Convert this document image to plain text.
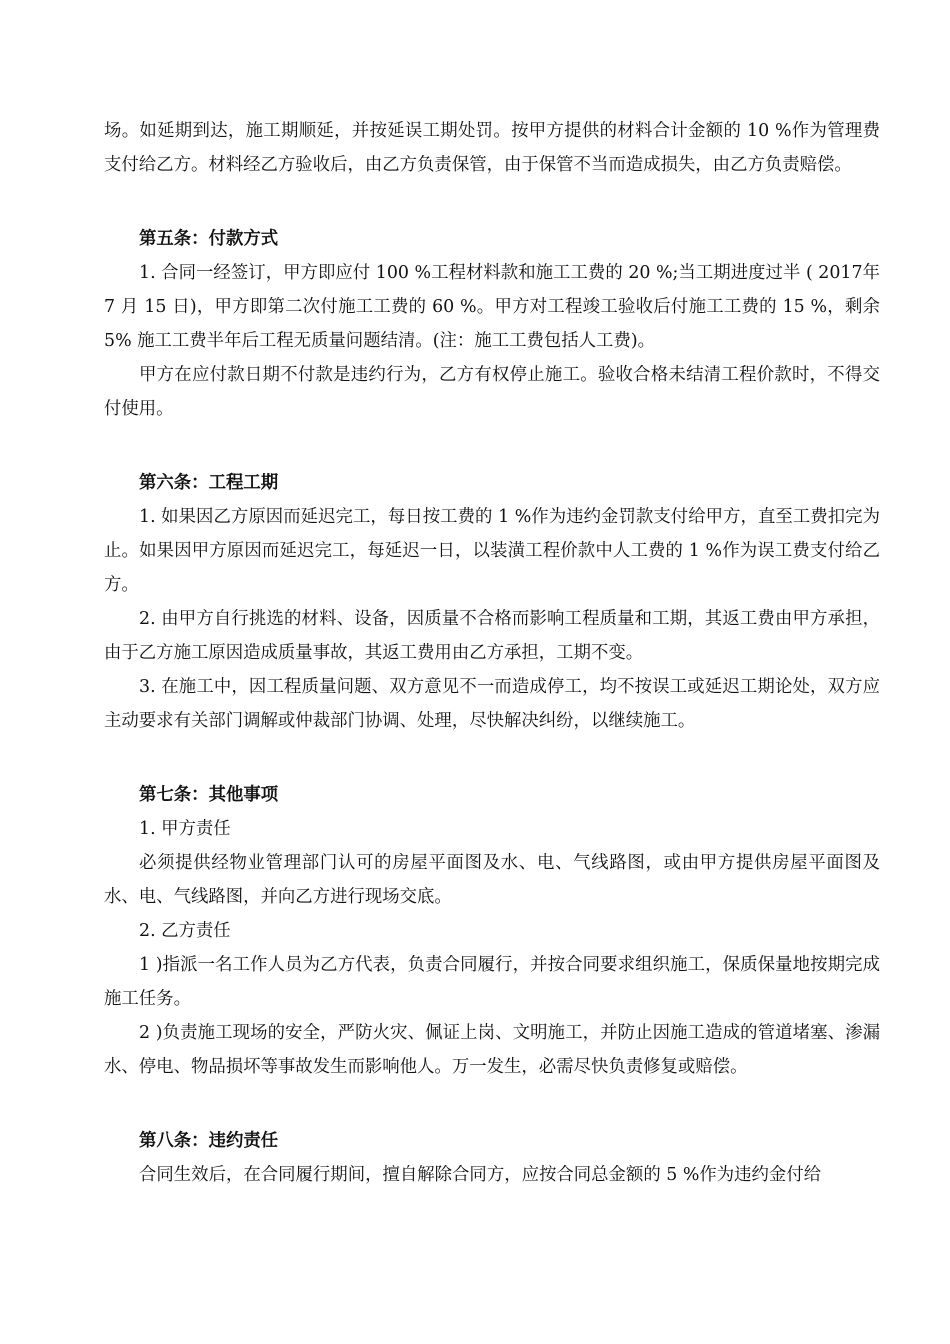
场。如延期到达，施工期顺延，并按延误工期处罚。按甲方提供的材料合计金额的 10 %作为管理费支付给乙方。材料经乙方验收后，由乙方负责保管，由于保管不当而造成损失，由乙方负责赔偿。

第五条：付款方式

1. 合同一经签订，甲方即应付 100 %工程材料款和施工工费的 20 %;当工期进度过半 ( 2017年 7 月 15 日)，甲方即第二次付施工工费的 60 %。甲方对工程竣工验收后付施工工费的 15 %，剩余5% 施工工费半年后工程无质量问题结清。(注：施工工费包括人工费)。

甲方在应付款日期不付款是违约行为，乙方有权停止施工。验收合格未结清工程价款时，不得交付使用。

第六条：工程工期

1. 如果因乙方原因而延迟完工，每日按工费的 1 %作为违约金罚款支付给甲方，直至工费扣完为止。如果因甲方原因而延迟完工，每延迟一日，以装潢工程价款中人工费的 1 %作为误工费支付给乙方。

2. 由甲方自行挑选的材料、设备，因质量不合格而影响工程质量和工期，其返工费由甲方承担，由于乙方施工原因造成质量事故，其返工费用由乙方承担，工期不变。

3. 在施工中，因工程质量问题、双方意见不一而造成停工，均不按误工或延迟工期论处，双方应主动要求有关部门调解或仲裁部门协调、处理，尽快解决纠纷，以继续施工。

第七条：其他事项

1. 甲方责任

必须提供经物业管理部门认可的房屋平面图及水、电、气线路图，或由甲方提供房屋平面图及水、电、气线路图，并向乙方进行现场交底。

2. 乙方责任

1 )指派一名工作人员为乙方代表，负责合同履行，并按合同要求组织施工，保质保量地按期完成施工任务。

2 )负责施工现场的安全，严防火灾、佩证上岗、文明施工，并防止因施工造成的管道堵塞、渗漏水、停电、物品损坏等事故发生而影响他人。万一发生，必需尽快负责修复或赔偿。

第八条：违约责任

合同生效后，在合同履行期间，擅自解除合同方，应按合同总金额的 5 %作为违约金付给
